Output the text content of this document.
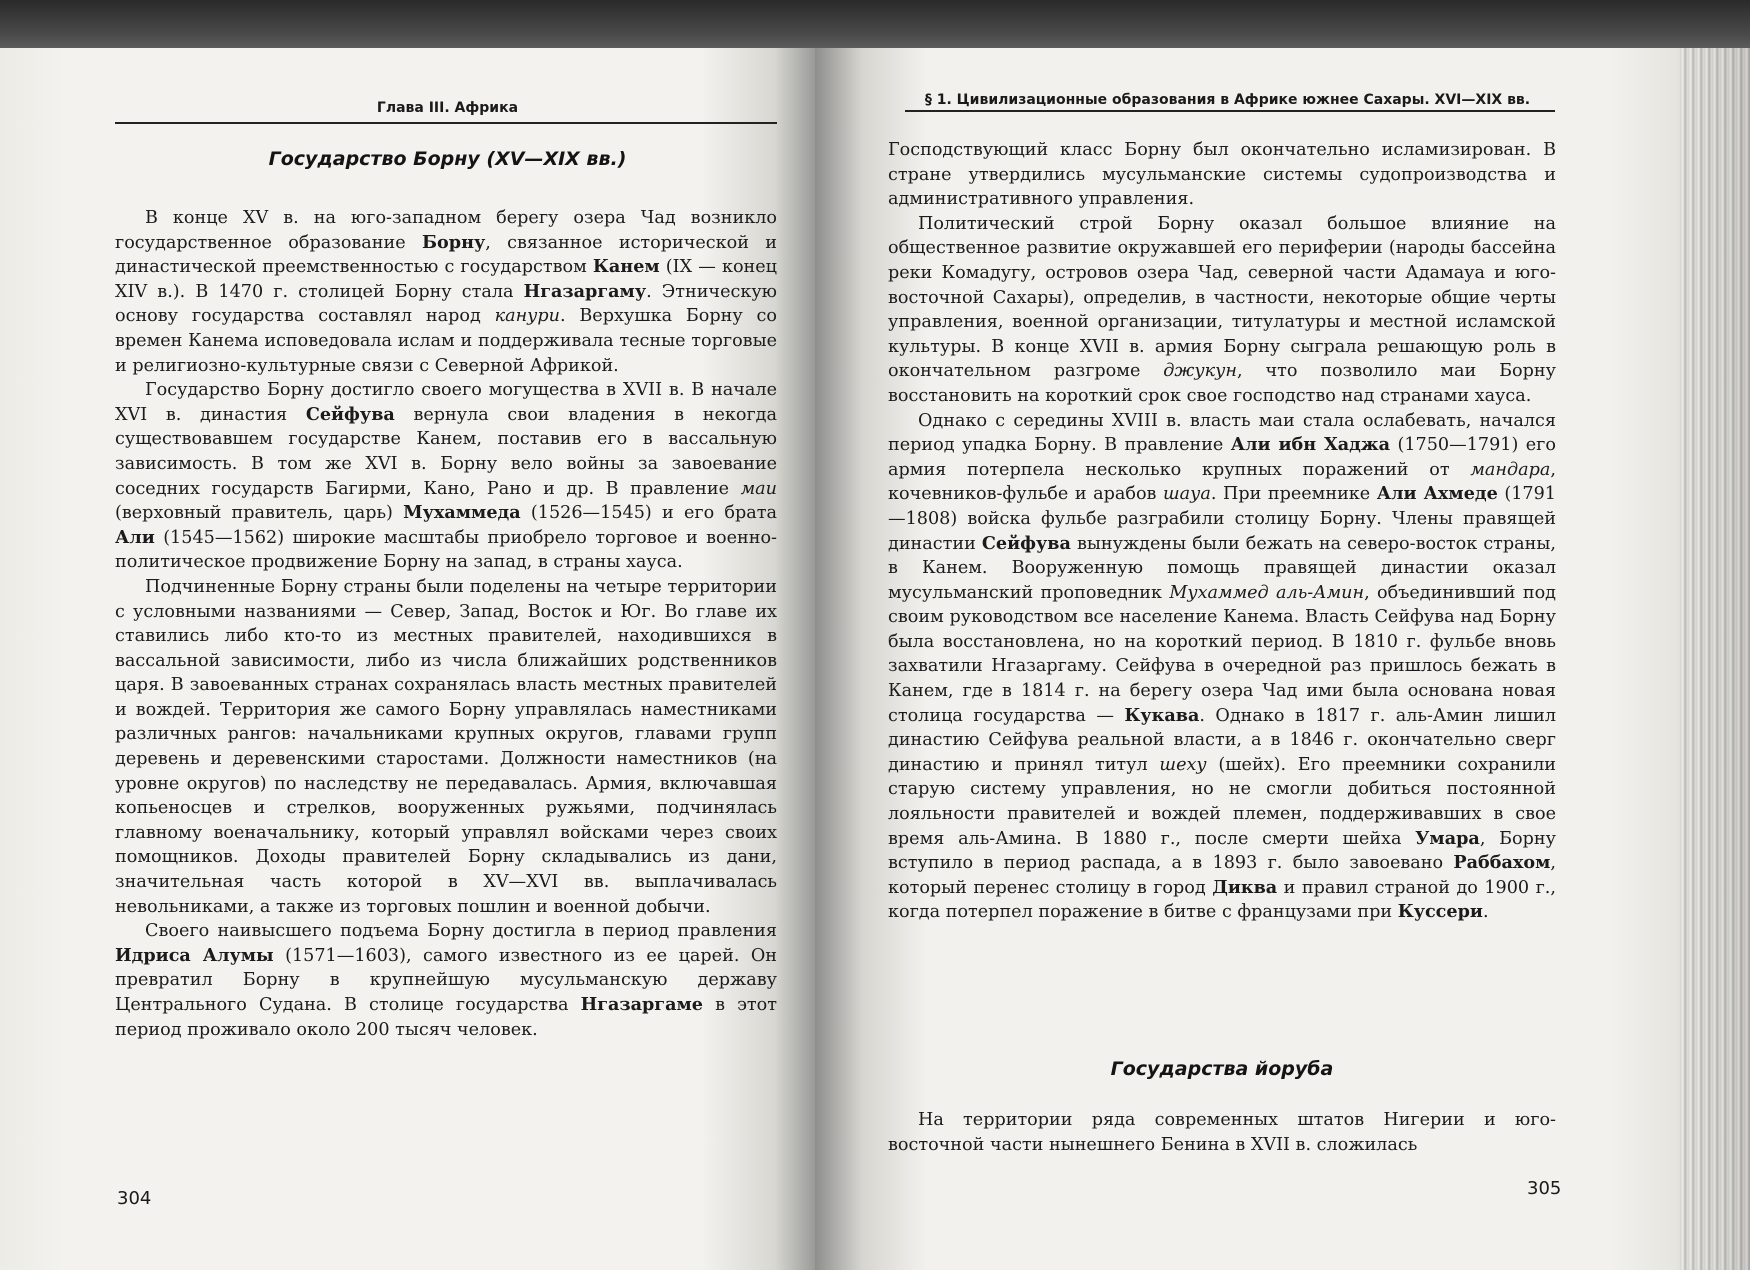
Глава III. Африка
Государство Борну (XV—XIX вв.)

В конце XV в. на юго-западном берегу озера Чад возникло государственное образование Борну, связанное исторической и династической преемственностью с государством Канем (IX — конец XIV в.). В 1470 г. столицей Борну стала Нгазаргаму. Этническую основу государства составлял народ канури. Верхушка Борну со времен Канема исповедовала ислам и поддерживала тесные торговые и религиозно-культурные связи с Северной Африкой.

Государство Борну достигло своего могущества в XVII в. В начале XVI в. династия Сейфува вернула свои владения в некогда существовавшем государстве Канем, поставив его в вассальную зависимость. В том же XVI в. Борну вело войны за завоевание соседних государств Багирми, Кано, Рано и др. В правление маи (верховный правитель, царь) Мухаммеда (1526—1545) и его брата Али (1545—1562) широкие масштабы приобрело торговое и военно-политическое продвижение Борну на запад, в страны хауса.

Подчиненные Борну страны были поделены на четыре территории с условными названиями — Север, Запад, Восток и Юг. Во главе их ставились либо кто-то из местных правителей, находившихся в вассальной зависимости, либо из числа ближайших родственников царя. В завоеванных странах сохранялась власть местных правителей и вождей. Территория же самого Борну управлялась наместниками различных рангов: начальниками крупных округов, главами групп деревень и деревенскими старостами. Должности наместников (на уровне округов) по наследству не передавалась. Армия, включавшая копьеносцев и стрелков, вооруженных ружьями, подчинялась главному военачальнику, который управлял войсками через своих помощников. Доходы правителей Борну складывались из дани, значительная часть которой в XV—XVI вв. выплачивалась невольниками, а также из торговых пошлин и военной добычи.

Своего наивысшего подъема Борну достигла в период правления Идриса Алумы (1571—1603), самого известного из ее царей. Он превратил Борну в крупнейшую мусульманскую державу Центрального Судана. В столице государства Нгазаргаме в этот период проживало около 200 тысяч человек.

304
§ 1. Цивилизационные образования в Африке южнее Сахары. XVI—XIX вв.

Господствующий класс Борну был окончательно исламизирован. В стране утвердились мусульманские системы судопроизводства и административного управления.

Политический строй Борну оказал большое влияние на общественное развитие окружавшей его периферии (народы бассейна реки Комадугу, островов озера Чад, северной части Адамауа и юго-восточной Сахары), определив, в частности, некоторые общие черты управления, военной организации, титулатуры и местной исламской культуры. В конце XVII в. армия Борну сыграла решающую роль в окончательном разгроме джукун, что позволило маи Борну восстановить на короткий срок свое господство над странами хауса.

Однако с середины XVIII в. власть маи стала ослабевать, начался период упадка Борну. В правление Али ибн Хаджа (1750—1791) его армия потерпела несколько крупных поражений от мандара, кочевников-фульбе и арабов шауа. При преемнике Али Ахмеде (1791—1808) войска фульбе разграбили столицу Борну. Члены правящей династии Сейфува вынуждены были бежать на северо-восток страны, в Канем. Вооруженную помощь правящей династии оказал мусульманский проповедник Мухаммед аль-Амин, объединивший под своим руководством все население Канема. Власть Сейфува над Борну была восстановлена, но на короткий период. В 1810 г. фульбе вновь захватили Нгазаргаму. Сейфува в очередной раз пришлось бежать в Канем, где в 1814 г. на берегу озера Чад ими была основана новая столица государства — Кукава. Однако в 1817 г. аль-Амин лишил династию Сейфува реальной власти, а в 1846 г. окончательно сверг династию и принял титул шеху (шейх). Его преемники сохранили старую систему управления, но не смогли добиться постоянной лояльности правителей и вождей племен, поддерживавших в свое время аль-Амина. В 1880 г., после смерти шейха Умара, Борну вступило в период распада, а в 1893 г. было завоевано Раббахом, который перенес столицу в город Диква и правил страной до 1900 г., когда потерпел поражение в битве с французами при Куссери.

Государства йоруба

На территории ряда современных штатов Нигерии и юго-восточной части нынешнего Бенина в XVII в. сложилась

305
